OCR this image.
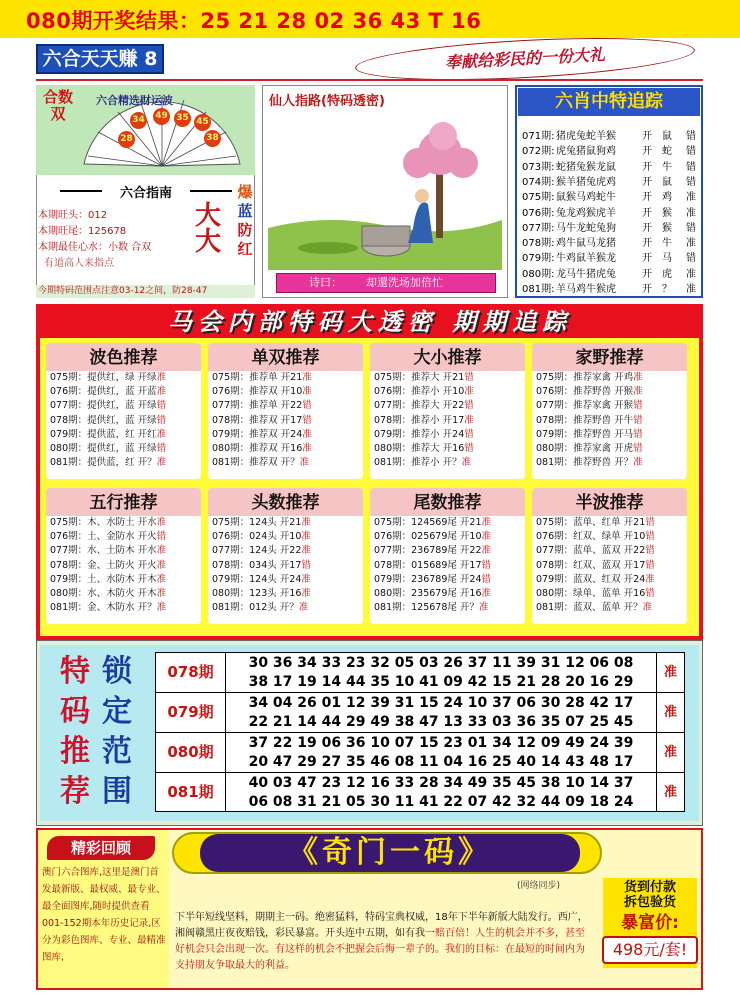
080期开奖结果：25 21 28 02 36 43 T 16
六合天天赚 8	奉献给彩民的一份大礼
合数双
六合精选财运波
28
34 49 35 45
38
六合指南
本期旺头：012
本期旺尾：125678
本期最佳心水：小数 合双
有道高人来指点
大大
爆
蓝
防
红
今期特码范围点注意03-12之间，防28-47
仙人指路(特码透密)
诗曰： 却還洗场加倍忙
六肖中特追踪
071期: 猪虎兔蛇羊猴	开 鼠 错
072期: 虎兔猪鼠狗鸡	开 蛇 错
073期: 蛇猪兔猴龙鼠	开 牛 错
074期: 猴羊猪兔虎鸡	开 鼠 错
075期: 鼠猴马鸡蛇牛	开 鸡 准
076期: 兔龙鸡猴虎羊	开 猴 准
077期: 马牛龙蛇兔狗	开 猴 错
078期: 鸡牛鼠马龙猪	开 牛 准
079期: 牛鸡鼠羊猴龙	开 马 错
080期: 龙马牛猪虎兔	开 虎 准
081期: 羊马鸡牛猴虎	开 ？ 准
马会内部特码大透密 期期追踪
波色推荐
075期：提供红，绿 开绿准
076期：提供红，蓝 开蓝准
077期：提供红，蓝 开绿错
078期：提供红，蓝 开绿错
079期：提供蓝，红 开红准
080期：提供红，蓝 开绿错
081期：提供蓝，红 开？准
单双推荐
075期：推荐单 开21准
076期：推荐双 开10准
077期：推荐单 开22错
078期：推荐双 开17错
079期：推荐双 开24准
080期：推荐双 开16准
081期：推荐双 开？准
大小推荐
075期：推荐大 开21错
076期：推荐小 开10准
077期：推荐大 开22错
078期：推荐小 开17准
079期：推荐小 开24错
080期：推荐大 开16错
081期：推荐小 开？准
家野推荐
075期：推荐家禽 开鸡准
076期：推荐野兽 开猴准
077期：推荐家禽 开猴错
078期：推荐野兽 开牛错
079期：推荐野兽 开马错
080期：推荐家禽 开虎错
081期：推荐野兽 开？准
五行推荐
075期：木、水防土 开水准
076期：土、金防水 开火错
077期：水、土防木 开水准
078期：金、土防火 开火准
079期：土、水防木 开木准
080期：水、木防火 开木准
081期：金、木防水 开？准
头数推荐
075期：124头 开21准
076期：024头 开10准
077期：124头 开22准
078期：034头 开17错
079期：124头 开24准
080期：123头 开16准
081期：012头 开？准
尾数推荐
075期：124569尾 开21准
076期：025679尾 开10准
077期：236789尾 开22准
078期：015689尾 开17错
079期：236789尾 开24错
080期：235679尾 开16准
081期：125678尾 开？准
半波推荐
075期：蓝单、红单 开21错
076期：红双、绿单 开10错
077期：蓝单、蓝双 开22错
078期：红双、蓝双 开17错
079期：蓝双、红双 开24准
080期：绿单、蓝单 开16错
081期：蓝双、蓝单 开？准
特
码
推
荐
锁
定
范
围
078期	30 36 34 33 23 32 05 03 26 37 11 39 31 12 06 08
38 17 19 14 44 35 10 41 09 42 15 21 28 20 16 29
准
079期	34 04 26 01 12 39 31 15 24 10 37 06 30 28 42 17
22 21 14 44 29 49 38 47 13 33 03 36 35 07 25 45
准
080期	37 22 19 06 36 10 07 15 23 01 34 12 09 49 24 39
20 47 29 27 35 46 08 11 04 16 25 40 14 43 48 17
准
081期	40 03 47 23 12 16 33 28 34 49 35 45 38 10 14 37
06 08 31 21 05 30 11 41 22 07 42 32 44 09 18 24
准
精彩回顾
澳门六合图库,这里是澳门首发最新版、最权威、最专业、最全面图库,随时提供查看001-152期本年历史记录,区分为彩色图库、专业、最精准图库,
《奇门一码》
(网络同步)
下半年短线坚料，期期主一码。绝密猛料，特码宝典权威，18年下半年新版大陆发行。西广，湘阀赣黑庄夜夜赔钱，彩民暴富。开头连中五期，如有我一赔百倍！人生的机会并不多，甚至好机会只会出现一次。有这样的机会不把握会后悔一辈子的。我们的目标：在最短的时间内为支持朋友争取最大的利益。
货到付款
拆包验货
暴富价:
498元/套!
